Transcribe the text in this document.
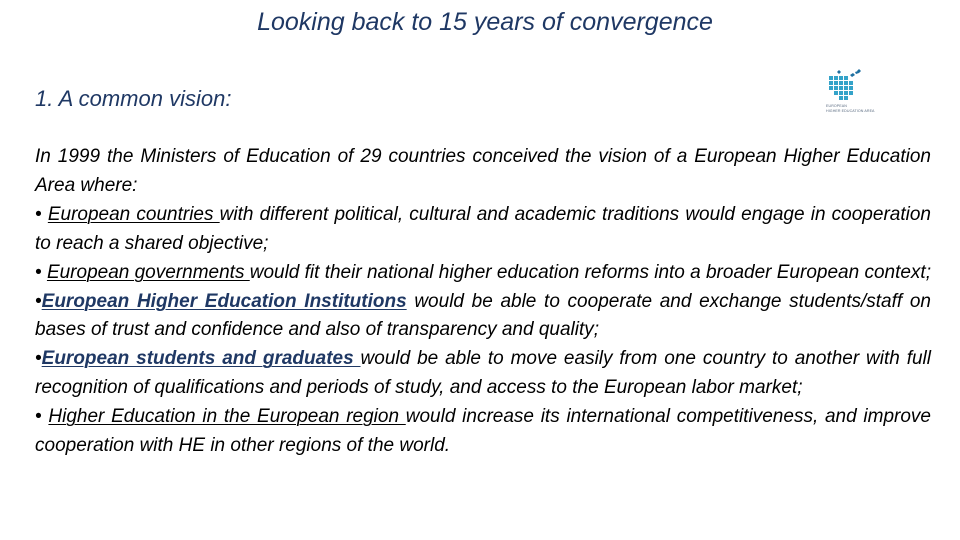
Looking back to 15 years of convergence
1. A common vision:	EUROPEAN
HIGHER EDUCATION AREA
In 1999 the Ministers of Education of 29 countries conceived the vision of a European Higher Education Area where:
• European countries with different political, cultural and academic traditions would engage in cooperation to reach a shared objective;
• European governments would fit their national higher education reforms into a broader European context;
•European Higher Education Institutions would be able to cooperate and exchange students/staff on bases of trust and confidence and also of transparency and quality;
•European students and graduates would be able to move easily from one country to another with full recognition of qualifications and periods of study, and access to the European labor market;
• Higher Education in the European region would increase its international competitiveness, and improve cooperation with HE in other regions of the world.
